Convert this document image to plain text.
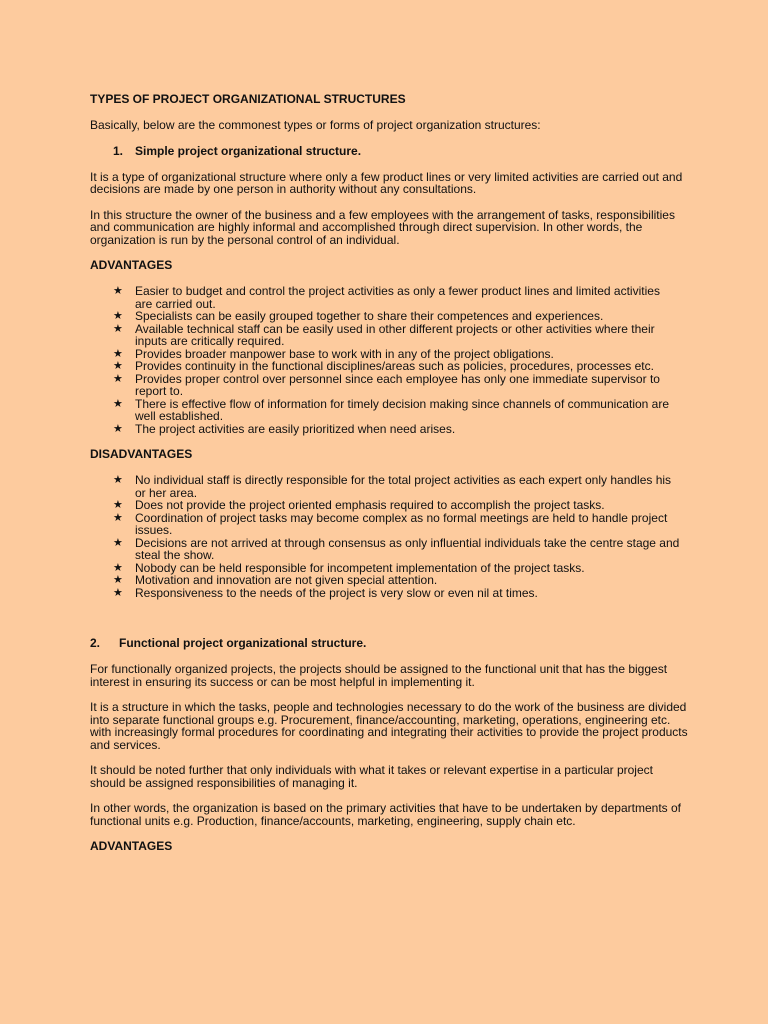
TYPES OF PROJECT ORGANIZATIONAL STRUCTURES

Basically, below are the commonest types or forms of project organization structures:

1. Simple project organizational structure.

It is a type of organizational structure where only a few product lines or very limited activities are carried out and decisions are made by one person in authority without any consultations.

In this structure the owner of the business and a few employees with the arrangement of tasks, responsibilities and communication are highly informal and accomplished through direct supervision. In other words, the organization is run by the personal control of an individual.

ADVANTAGES
★	Easier to budget and control the project activities as only a fewer product lines and limited activities are carried out.
★	Specialists can be easily grouped together to share their competences and experiences.
★	Available technical staff can be easily used in other different projects or other activities where their inputs are critically required.
★	Provides broader manpower base to work with in any of the project obligations.
★	Provides continuity in the functional disciplines/areas such as policies, procedures, processes etc.
★	Provides proper control over personnel since each employee has only one immediate supervisor to report to.
★	There is effective flow of information for timely decision making since channels of communication are well established.
★	The project activities are easily prioritized when need arises.
DISADVANTAGES
★	No individual staff is directly responsible for the total project activities as each expert only handles his or her area.
★	Does not provide the project oriented emphasis required to accomplish the project tasks.
★	Coordination of project tasks may become complex as no formal meetings are held to handle project issues.
★	Decisions are not arrived at through consensus as only influential individuals take the centre stage and steal the show.
★	Nobody can be held responsible for incompetent implementation of the project tasks.
★	Motivation and innovation are not given special attention.
★	Responsiveness to the needs of the project is very slow or even nil at times.
2.	Functional project organizational structure.

For functionally organized projects, the projects should be assigned to the functional unit that has the biggest interest in ensuring its success or can be most helpful in implementing it.

It is a structure in which the tasks, people and technologies necessary to do the work of the business are divided into separate functional groups e.g. Procurement, finance/accounting, marketing, operations, engineering etc. with increasingly formal procedures for coordinating and integrating their activities to provide the project products and services.

It should be noted further that only individuals with what it takes or relevant expertise in a particular project should be assigned responsibilities of managing it.

In other words, the organization is based on the primary activities that have to be undertaken by departments of functional units e.g. Production, finance/accounts, marketing, engineering, supply chain etc.

ADVANTAGES
